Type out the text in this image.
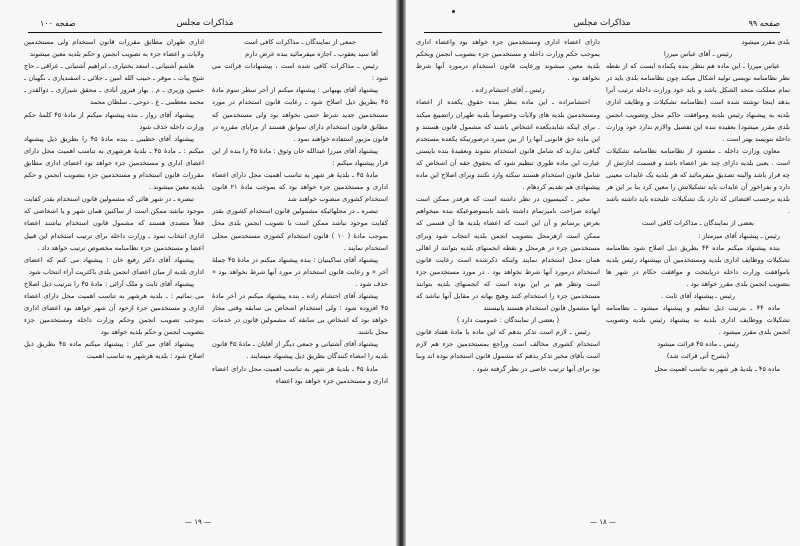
مذاکرات مجلس
صفحه ۱۰۰

جمعی از نمایندگان ـ مذاکرات کافی است

آقا سید یعقوب ـ اجازه میفرمائید بنده عرض دارم

رئیس ـ مذاکرات کافی شده است ، پیشنهادات قرائت می شود :

پیشنهاد آقای بهبهانی : پیشنهاد میکنم از آخر سطر سوم مادهٔ ۴۵ بطریق ذیل اصلاح شود ـ رعایت قانون استخدام در مورد مستخدمین جدید شرط حتمی نخواهد بود ولی مستخدمین که مطابق قانون استخدام دارای سوابق هستند از مزایای مقرره در قانون مزبور استفاده خواهند نمود .

پیشنهاد آقای میرزا عبدالله خان وثوق : مادهٔ ۴۵ را بنده از این قرار پیشنهاد میکنم :

مادهٔ ۴۵ ـ بلدیهٔ هر شهر به تناسب اهمیت محل دارای اعضاء اداری و مستخدمین جزء خواهد بود که بموجب مادهٔ ۲۱ قانون استخدام کشوری منصوب خواهند شد

تبصره ـ در محلهائیکه مشمولین قانون استخدام کشوری بقدر کفایت موجود نباشد ممکن است با تصویب انجمن بلدی محل بموجب مادهٔ ( ۱۰ ) قانون استخدام کشوری مستخدمین محلی استخدام نمایند .

پیشنهاد آقای ساکینیان : بنده پیشنهاد میکنم در مادهٔ ۴۵ جملهٔ آخر « و رعایت قانون استخدام در مورد آنها شرط نخواهد بود » حذف شود .

پیشنهاد آقای احتشام زاده ـ بنده پیشنهاد میکنم در آخر مادهٔ ۴۵ افزوده شود : ولی استخدام اشخاص بی سابقه وقتی مجاز خواهد بود که اشخاص بی سابقه که مشمولین قانون در خدمات محل باشند

پیشنهاد آقای آشتیانی و جمعی دیگر از آقایان ـ مادهٔ ۴۵ قانون بلدیه را امضاء کنندگان بطریق ذیل پیشنهاد مینمایند .

مادهٔ ۴۵ ـ بلدیهٔ هر شهر به تناسب اهمیت محل دارای اعضاء اداری و مستخدمین جزء خواهد بود اعضاء

اداری طهران مطابق مقررات قانون استخدام ولی مستخدمین ولایات و اعضاء جزء به تصویب انجمن و حکم بلدیه معین میشوند

هاشم آشتیانی ـ اسعد بختیاری ـ ابراهیم آشتیانی ـ عراقی ـ حاج شیخ بیات ـ موقر ـ حبیب الله امین ـ جلائی ـ اسفندیاری ـ نگهبان ـ حسین وزیری ـ م . بهار فیروز آبادی ـ محقق شیرازی ـ ذوالقدر ـ محمد معظمی ـ ع . دوحی ـ سلطان محمد

پیشنهاد آقای زوار ـ بنده پیشنهاد میکنم از مادهٔ ۴۵ کلمهٔ حکم وزارت داخله حذف شود

پیشنهاد آقای خطیبی ـ بنده مادهٔ ۴۵ را بطریق ذیل پیشنهاد میکنم : ـ مادهٔ ۴۵ ـ بلدیهٔ هرشهری به تناسب اهمیت محل دارای اعضای اداری و مستخدمین جزء خواهد بود اعضای اداری مطابق مقررات قانون استخدام و مستخدمین جزء بتصویب انجمن و حکم بلدیه معین میشوند .

تبصره ـ در شهر هائی که مشمولین قانون استخدام بقدر کفایت موجود نباشد ممکن است از ساکنین همان شهر و یا اشخاصی که فعلاً متصدی هستند که مشمول قانون استخدام نباشند اعضاء اداری انتخاب نمود ـ وزارت داخله برای ترتیب استخدام این قبیل اعضا و مستخدمین جزء نظامنامه مخصوص ترتیب خواهد داد .

پیشنهاد آقای دکتر رفیع خان : پیشنهاد می کنم که اعضای اداری بلدیه از میان اعضای انجمن بلدی باکثریت آراء انتخاب شود

پیشنهاد آقای ثابت و ملک آرائی : مادهٔ ۴۵ را بترتیب ذیل اصلاح می نمائیم : ـ بلدیه هرشهر به تناسب اهمیت محل دارای اعضاء اداری و مستخدمین جزء ازخود آن شهر خواهد بود اعضای اداری بموجب تصویب انجمن وحکم وزارت داخله ومستخدمین جزء بتصویب انجمن و حکم بلدیه خواهد بود

پیشنهاد آقای میر کتاز : پیشنهاد میکنم ماده ۴۵ بطریق ذیل اصلاح شود : بلدیه هرشهر به تناسب اهمیت

— ۱۹ —
مذاکرات مجلس	صفحه ۹۹

بلدی مقرر میشود

رئیس ـ آقای عباس میرزا

عباس میرزا ـ این ماده هم بنظر بنده یکماده ایست که از نقطه نظر نظامنامه نویسی تولید اشکال میکند چون نظامنامه بلدی باید در تمام مملکت متحد الشکل باشد و باید خود وزارت داخله ترتیب آنرا بدهد اینجا نوشته شده است (نظامنامه تشکیلات و وظایف اداری بلدیه به پیشنهاد رئیس بلدیه وموافقت حاکم محل وتصویب انجمن بلدی مقرر میشود) بعقیده بنده این تفصیل والازم ندارد خود وزارت داخله بنویسد بهتر است .

معاون وزارت داخله ـ مقصود از نظامنامه نظامنامه تشکیلات است . یعنی بلدیه دارای چند نفر اعضاء باشد و قسمت ادارتش از چه قرار باشد والبته تصدیق میفرمائید که هر بلدیه یک عایدات معینی دارد و بفراخور آن عایدات باید تشکیلاتش را معین کرد بنا بر این هر بلدیه برحسب اقتضائی که دارد یک تشکیلات علیحده باید داشته باشد .

بعضی از نمایندگان ـ مذاکرات کافی است

رئیس ـ پیشنهاد آقای میرمتاز :

بنده پیشنهاد میکنم ماده ۴۴ بطریق ذیل اصلاح شود نظامنامه تشکیلات ووظایف اداری بلدیه ومستخدمین آن بپیشنهاد رئیس بلدیه باموافقت وزارت داخله درپایتخت و موافقت حکام در شهر ها بتصویب انجمن بلدی مقرر خواهد بود .

رئیس ـ پیشنهاد آقای ثابت .

ماده ۴۴ ـ بترتیب ذیل تنظیم و پیشنهاد میشود ـ نظامنامه تشکیلات ووظایف اداری بلدیه به پیشنهاد رئیس بلدیه وتصویب انجمن بلدی مقرر میشود .

رئیس ـ ماده ۴۵ قرائت میشود

(بشرح آتی قرائت شد)

ماده ۴۵ ـ بلدیهٔ هر شهر به تناسب اهمیت محل

دارای اعضاء اداری ومستخدمین جزء خواهد بود واعضاء اداری بموجب حکم وزارت داخله و مستخدمین جزء بتصویب انجمن وبحکم بلدیه معین میشوند ورعایت قانون استخدام درمورد آنها شرط نخواهد بود .

رئیس ـ آقای احتشام زاده .

احتشامزاده ـ این ماده بنظر بنده حقوق یکعده از اعضاء ومستخدمین بلدیه های ولایات وخصوصاً بلدیه طهران راتضییع میکند . برای اینکه شایدیکعده اشخاص باشند که مشمول قانون هستند و این ماده حق قانونی آنها را از بین میبرد درصورتیکه یکعده مستخدم گناهی ندارند که شامل قانون استخدام نشوند وبعقیدهٔ بنده بایستی عبارت این ماده طوری تنظیم شود که بحقوق حقه آن اشخاص که شامل قانون استخدام هستند سکته وارد نکنند وبرای اصلاح این ماده پیشنهادی هم تقدیم کردهام .

مخبر ـ کمیسیون در نظر داشته است که هرقدر ممکن است ابهاده صراحت نامیرتمام داشته باشد بابنموضوعیکه بنده میخواهم بعرض برسانم و آن این است که اعضاء بلدیه ها آن قسمی که ممکن است ازهرمحل بتصویب انجمن بلدیه انتخاب شود وبرای مستخدمین جزء در هرمحل و نقطه انجمنهای بلدیه بتوانند از اهالی همان محل استخدام نمایند واینکه ذکرشده است رعایت قانون استخدام درمورد آنها شرط نخواهد بود . در مورد مستخدمین جزء است ونظر هم بر این بوده است که انجمنهای بلدیه بتوانند مستخدمین جزء را استخدام کنند وهیچ بهانه در مقابل آنها نباشد که آنها مشمول قانون استخدام هستند یانیستند

( بعضی از نمایندگان : عمومیت دارد )

رئیس ـ لازم است تذکر بدهم که این ماده با مادهٔ هفتاد قانون استخدام کشوری مخالف است وراجع بمستخدمین جزء هم لازم است بآقای مخبر تذکر بدهم که مشمول قانون استخدام بوده اند وبنا بود برای آنها ترتیب خاصی در نظر گرفته شود .

— ۱۸ —
